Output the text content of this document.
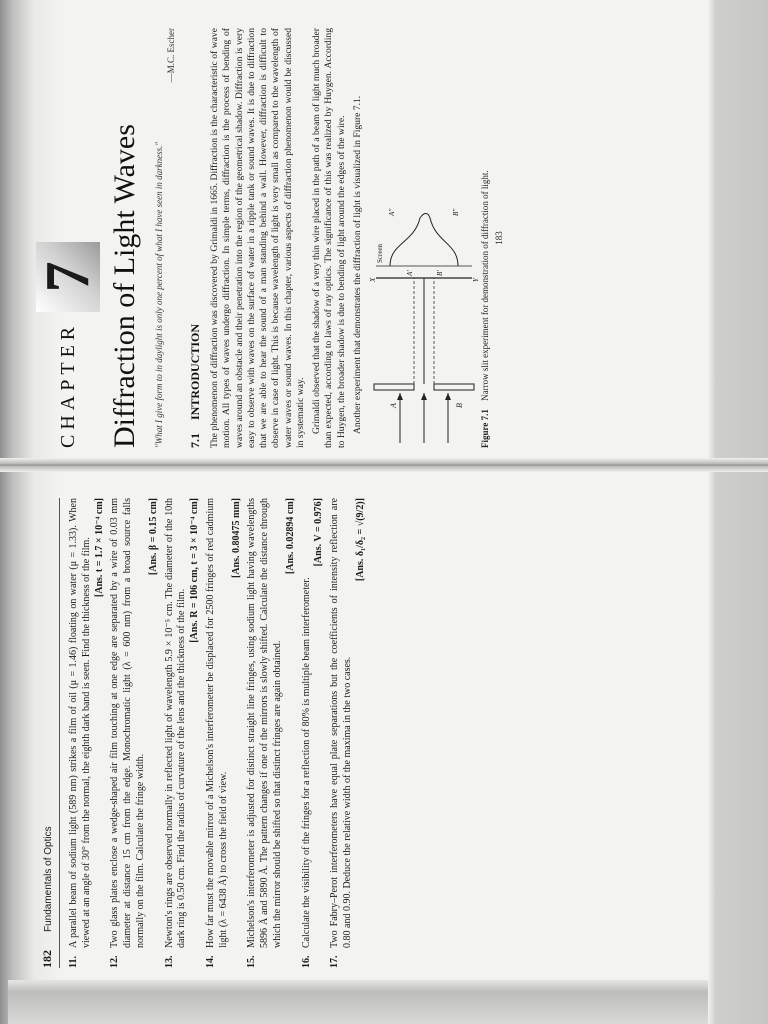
CHAPTER
7 Diffraction of Light Waves "What I give form to in daylight is only one percent of what I have seen in darkness."
—M.C. Escher
7.1 INTRODUCTION The phenomenon of diffraction was discovered by Grimaldi in 1665. Diffraction is the characteristic of wave motion. All types of waves undergo diffraction. In simple terms, diffraction is the process of bending of waves around an obstacle and their penetration into the region of the geometrical shadow. Diffraction is very easy to observe with waves on the surface of water in a ripple tank or sound waves. It is due to diffraction that we are able to hear the sound of a man standing behind a wall. However, diffraction is difficult to observe in case of light. This is because wavelength of light is very small as compared to the wavelength of water waves or sound waves. In this chapter, various aspects of diffraction phenomenon would be discussed in systematic way. Grimaldi observed that the shadow of a very thin wire placed in the path of a beam of light much broader than expected, according to laws of ray optics. The significance of this was realized by Huygen. According to Huygen, the broader shadow is due to bending of light around the edges of the wire. Another experiment that demonstrates the diffraction of light is visualized in Figure 7.1.	A	B
A'	B'
A''	B''
X	Y
Screen
Figure 7.1 Narrow slit experiment for demonstration of diffraction of light. 183
182
Fundamentals of Optics
11.
A parallel beam of sodium light (589 nm) strikes a film of oil (μ = 1.46) floating on water (μ = 1.33). When viewed at an angle of 30° from the normal, the eighth dark band is seen. Find the thickness of the film. [Ans. t = 1.7 × 10⁻⁴ cm]
12.
Two glass plates enclose a wedge-shaped air film touching at one edge are separated by a wire of 0.03 mm diameter at distance 15 cm from the edge. Monochromatic light (λ = 600 nm) from a broad source falls normally on the film. Calculate the fringe width.
[Ans. β = 0.15 cm]
13.
Newton's rings are observed normally in reflected light of wavelength 5.9 × 10⁻⁵ cm. The diameter of the 10th dark ring is 0.50 cm. Find the radius of curvature of the lens and the thickness of the film.
[Ans. R = 106 cm, t = 3 × 10⁻⁴ cm]
14.
How far must the movable mirror of a Michelson's interferometer be displaced for 2500 fringes of red cadmium light (λ = 6438 Å) to cross the field of view.
[Ans. 0.80475 mm]
15.
Michelson's interferometer is adjusted for distinct straight line fringes, using sodium light having wavelengths 5896 Å and 5890 Å. The pattern changes if one of the mirrors is slowly shifted. Calculate the distance through which the mirror should be shifted so that distinct fringes are again obtained.
[Ans. 0.02894 cm]
16.
Calculate the visibility of the fringes for a reflection of 80% is multiple beam interferometer.
[Ans. V = 0.976]
17.
Two Fabry–Perot interferometers have equal plate separations but the coefficients of intensity reflection are 0.80 and 0.90. Deduce the relative width of the maxima in the two cases.
[Ans. δ₁/δ₂ = √(9/2)]
